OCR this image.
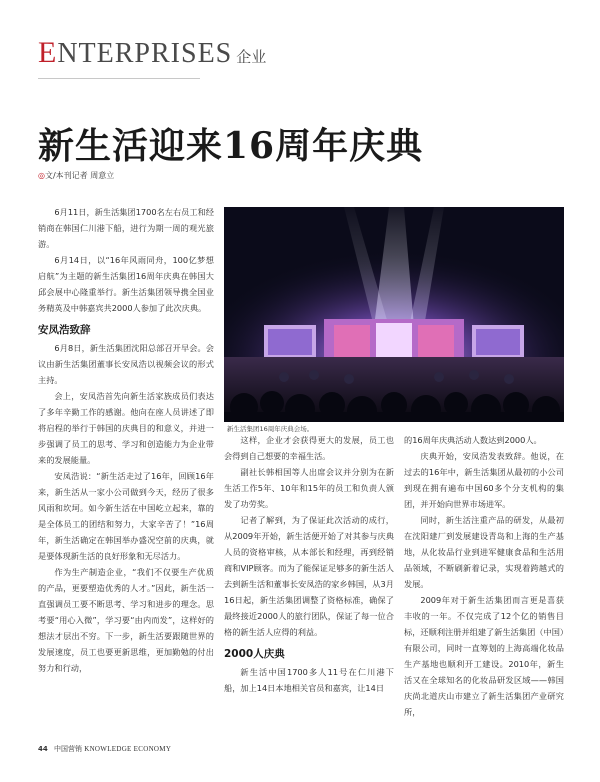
ENTERPRISES 企业
新生活迎来16周年庆典
◎文/本刊记者 周意立

6月11日，新生活集团1700名左右员工和经销商在韩国仁川港下船，进行为期一周的观光旅游。

6月14日，以“16年风雨同舟，100亿梦想启航”为主题的新生活集团16周年庆典在韩国大邱会展中心隆重举行。新生活集团领导携全国业务精英及中韩嘉宾共2000人参加了此次庆典。

安凤浩致辞

6月8日，新生活集团沈阳总部召开早会。会议由新生活集团董事长安凤浩以视频会议的形式主持。

会上，安凤浩首先向新生活家族成员们表达了多年辛勤工作的感谢。他向在座人员讲述了即将启程的举行于韩国的庆典目的和意义，并进一步强调了员工的思考、学习和创造能力为企业带来的发展能量。

安凤浩说：“新生活走过了16年，回顾16年来，新生活从一家小公司做到今天，经历了很多风雨和坎坷。如今新生活在中国屹立起来，靠的是全体员工的团结和努力，大家辛苦了！”16周年，新生活确定在韩国举办盛况空前的庆典，就是要体现新生活的良好形象和无尽活力。

作为生产制造企业，“我们不仅要生产优质的产品，更要塑造优秀的人才。”因此，新生活一直强调员工要不断思考、学习和进步的理念。思考要“用心入微”，学习要“由内而发”，这样好的想法才层出不穷。下一步，新生活要跟随世界的发展速度，员工也要更新思维，更加勤勉的付出努力和行动，

新生活集团16周年庆典会场。

这样，企业才会获得更大的发展，员工也会得到自己想要的幸福生活。

副社长韩相国等人出席会议并分别为在新生活工作5年、10年和15年的员工和负责人颁发了功劳奖。

记者了解到，为了保证此次活动的成行，从2009年开始，新生活便开始了对其参与庆典人员的资格审核，从本部长和经理，再到经销商和VIP顾客。而为了能保证足够多的新生活人去到新生活和董事长安凤浩的家乡韩国，从3月16日起，新生活集团调整了资格标准，确保了最终接近2000人的旅行团队，保证了每一位合格的新生活人应得的利益。

2000人庆典

新生活中国1700多人11号在仁川港下船，加上14日本地相关官员和嘉宾，让14日

的16周年庆典活动人数达到2000人。

庆典开始，安凤浩发表致辞。他说，在过去的16年中，新生活集团从最初的小公司到现在拥有遍布中国60多个分支机构的集团，并开始向世界市场进军。

同时，新生活注重产品的研发，从最初在沈阳建厂到发展建设青岛和上海的生产基地，从化妆品行业到进军健康食品和生活用品领域，不断刷新着记录，实现着跨越式的发展。

2009年对于新生活集团而言更是喜获丰收的一年。不仅完成了12个亿的销售目标，还顺利注册并组建了新生活集团（中国）有限公司，同时一直筹划的上海高端化妆品生产基地也顺利开工建设。2010年，新生活又在全球知名的化妆品研发区域——韩国庆尚北道庆山市建立了新生活集团产业研究所，

44 中国营销 KNOWLEDGE ECONOMY
